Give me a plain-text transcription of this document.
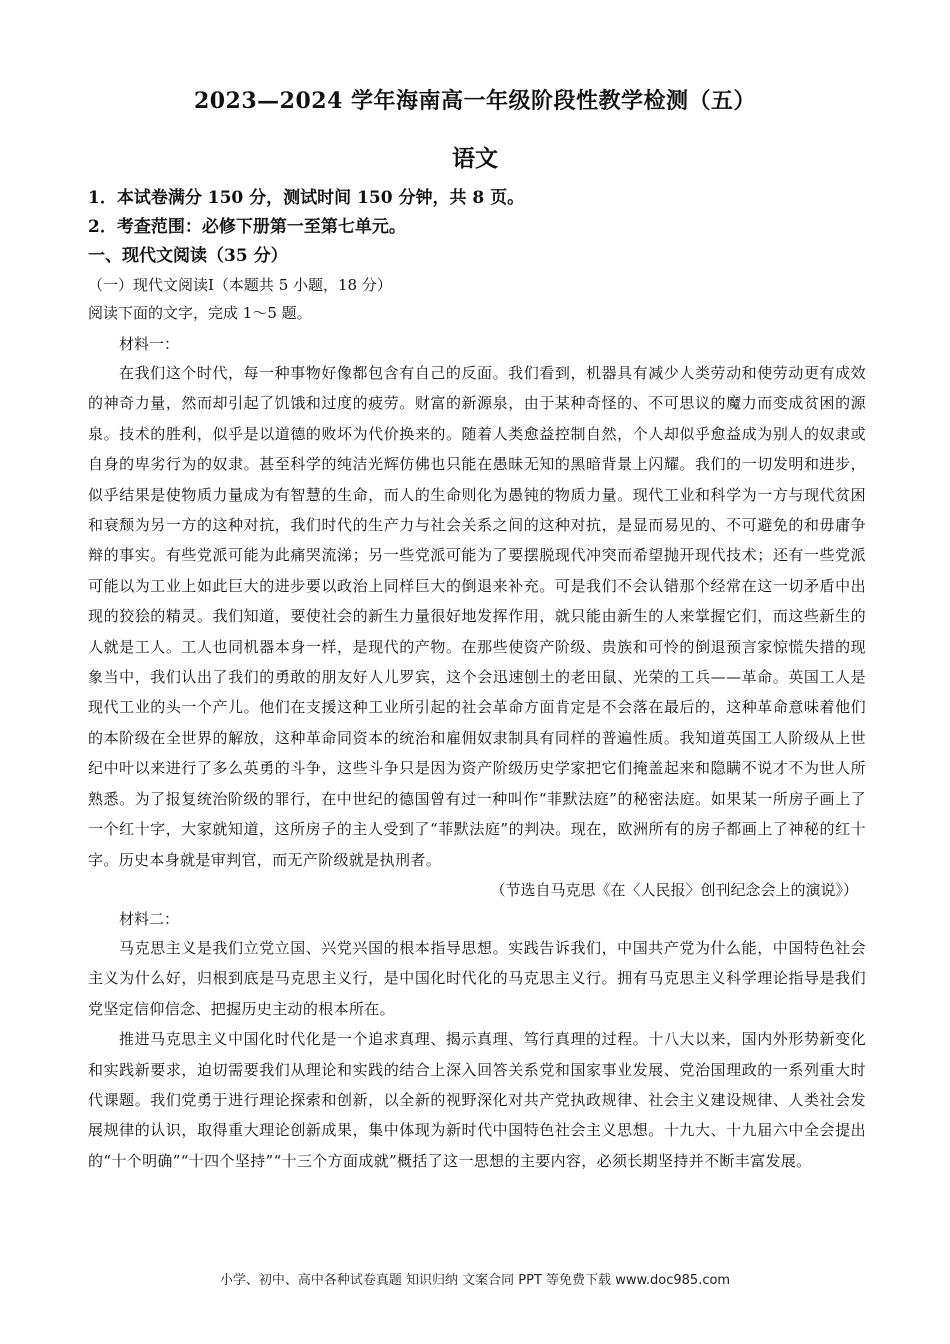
2023—2024 学年海南高一年级阶段性教学检测（五）
语文
1．本试卷满分 150 分，测试时间 150 分钟，共 8 页。
2．考查范围：必修下册第一至第七单元。
一、现代文阅读（35 分）
（一）现代文阅读Ⅰ（本题共 5 小题，18 分）
阅读下面的文字，完成 1～5 题。
材料一：

在我们这个时代，每一种事物好像都包含有自己的反面。我们看到，机器具有减少人类劳动和使劳动更有成效的神奇力量，然而却引起了饥饿和过度的疲劳。财富的新源泉，由于某种奇怪的、不可思议的魔力而变成贫困的源泉。技术的胜利，似乎是以道德的败坏为代价换来的。随着人类愈益控制自然，个人却似乎愈益成为别人的奴隶或自身的卑劣行为的奴隶。甚至科学的纯洁光辉仿佛也只能在愚昧无知的黑暗背景上闪耀。我们的一切发明和进步，似乎结果是使物质力量成为有智慧的生命，而人的生命则化为愚钝的物质力量。现代工业和科学为一方与现代贫困和衰颓为另一方的这种对抗，我们时代的生产力与社会关系之间的这种对抗，是显而易见的、不可避免的和毋庸争辩的事实。有些党派可能为此痛哭流涕；另一些党派可能为了要摆脱现代冲突而希望抛开现代技术；还有一些党派可能以为工业上如此巨大的进步要以政治上同样巨大的倒退来补充。可是我们不会认错那个经常在这一切矛盾中出现的狡狯的精灵。我们知道，要使社会的新生力量很好地发挥作用，就只能由新生的人来掌握它们，而这些新生的人就是工人。工人也同机器本身一样，是现代的产物。在那些使资产阶级、贵族和可怜的倒退预言家惊慌失措的现象当中，我们认出了我们的勇敢的朋友好人儿罗宾，这个会迅速刨土的老田鼠、光荣的工兵——革命。英国工人是现代工业的头一个产儿。他们在支援这种工业所引起的社会革命方面肯定是不会落在最后的，这种革命意味着他们的本阶级在全世界的解放，这种革命同资本的统治和雇佣奴隶制具有同样的普遍性质。我知道英国工人阶级从上世纪中叶以来进行了多么英勇的斗争，这些斗争只是因为资产阶级历史学家把它们掩盖起来和隐瞒不说才不为世人所熟悉。为了报复统治阶级的罪行，在中世纪的德国曾有过一种叫作“菲默法庭”的秘密法庭。如果某一所房子画上了一个红十字，大家就知道，这所房子的主人受到了“菲默法庭”的判决。现在，欧洲所有的房子都画上了神秘的红十字。历史本身就是审判官，而无产阶级就是执刑者。

（节选自马克思《在〈人民报〉创刊纪念会上的演说》）
材料二：

马克思主义是我们立党立国、兴党兴国的根本指导思想。实践告诉我们，中国共产党为什么能，中国特色社会主义为什么好，归根到底是马克思主义行，是中国化时代化的马克思主义行。拥有马克思主义科学理论指导是我们党坚定信仰信念、把握历史主动的根本所在。

推进马克思主义中国化时代化是一个追求真理、揭示真理、笃行真理的过程。十八大以来，国内外形势新变化和实践新要求，迫切需要我们从理论和实践的结合上深入回答关系党和国家事业发展、党治国理政的一系列重大时代课题。我们党勇于进行理论探索和创新，以全新的视野深化对共产党执政规律、社会主义建设规律、人类社会发展规律的认识，取得重大理论创新成果，集中体现为新时代中国特色社会主义思想。十九大、十九届六中全会提出的“十个明确”“十四个坚持”“十三个方面成就”概括了这一思想的主要内容，必须长期坚持并不断丰富发展。

小学、初中、高中各种试卷真题 知识归纳 文案合同 PPT 等免费下载 www.doc985.com
